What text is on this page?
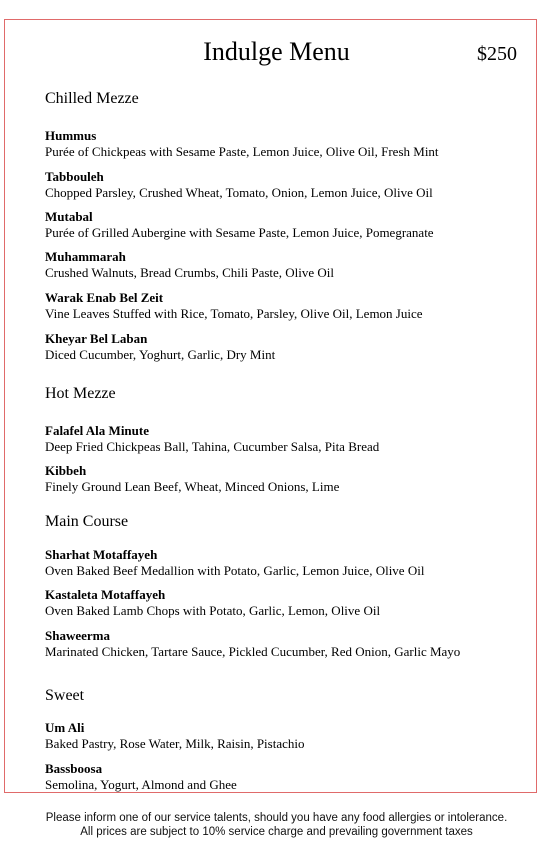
Indulge Menu	$250
Chilled Mezze
Hummus
Purée of Chickpeas with Sesame Paste, Lemon Juice, Olive Oil, Fresh Mint
Tabbouleh
Chopped Parsley, Crushed Wheat, Tomato, Onion, Lemon Juice, Olive Oil
Mutabal
Purée of Grilled Aubergine with Sesame Paste, Lemon Juice, Pomegranate
Muhammarah
Crushed Walnuts, Bread Crumbs, Chili Paste, Olive Oil
Warak Enab Bel Zeit
Vine Leaves Stuffed with Rice, Tomato, Parsley, Olive Oil, Lemon Juice
Kheyar Bel Laban
Diced Cucumber, Yoghurt, Garlic, Dry Mint
Hot Mezze
Falafel Ala Minute
Deep Fried Chickpeas Ball, Tahina, Cucumber Salsa, Pita Bread
Kibbeh
Finely Ground Lean Beef, Wheat, Minced Onions, Lime
Main Course
Sharhat Motaffayeh
Oven Baked Beef Medallion with Potato, Garlic, Lemon Juice, Olive Oil
Kastaleta Motaffayeh
Oven Baked Lamb Chops with Potato, Garlic, Lemon, Olive Oil
Shaweerma
Marinated Chicken, Tartare Sauce, Pickled Cucumber, Red Onion, Garlic Mayo
Sweet
Um Ali
Baked Pastry, Rose Water, Milk, Raisin, Pistachio
Bassboosa
Semolina, Yogurt, Almond and Ghee
Please inform one of our service talents, should you have any food allergies or intolerance.
All prices are subject to 10% service charge and prevailing government taxes
